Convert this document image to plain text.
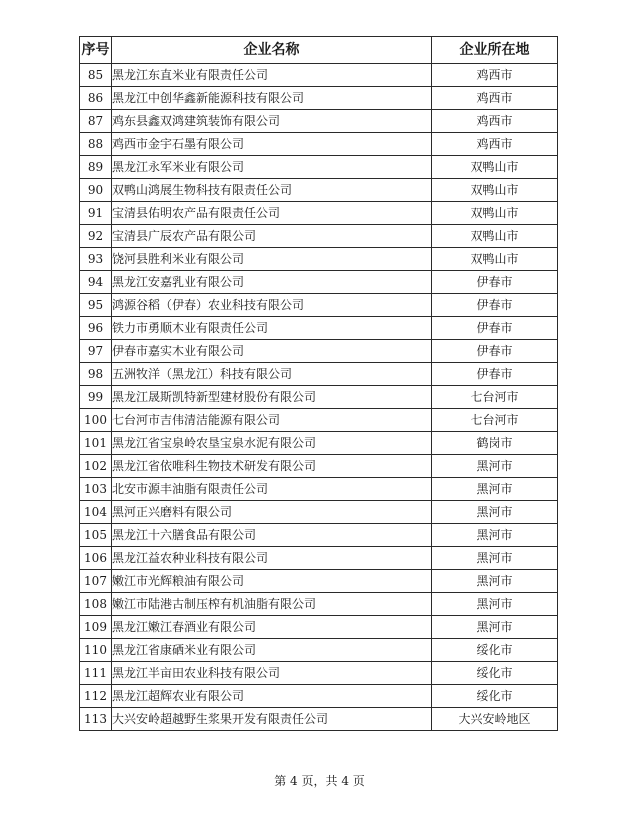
序号	企业名称	企业所在地
85	黑龙江东直米业有限责任公司	鸡西市
86	黑龙江中创华鑫新能源科技有限公司	鸡西市
87	鸡东县鑫双鸿建筑装饰有限公司	鸡西市
88	鸡西市金宇石墨有限公司	鸡西市
89	黑龙江永军米业有限公司	双鸭山市
90	双鸭山鸿展生物科技有限责任公司	双鸭山市
91	宝清县佑明农产品有限责任公司	双鸭山市
92	宝清县广辰农产品有限公司	双鸭山市
93	饶河县胜利米业有限公司	双鸭山市
94	黑龙江安嘉乳业有限公司	伊春市
95	鸿源谷稻（伊春）农业科技有限公司	伊春市
96	铁力市勇顺木业有限责任公司	伊春市
97	伊春市嘉实木业有限公司	伊春市
98	五洲牧洋（黑龙江）科技有限公司	伊春市
99	黑龙江晟斯凯特新型建材股份有限公司	七台河市
100	七台河市吉伟清洁能源有限公司	七台河市
101	黑龙江省宝泉岭农垦宝泉水泥有限公司	鹤岗市
102	黑龙江省依唯科生物技术研发有限公司	黑河市
103	北安市源丰油脂有限责任公司	黑河市
104	黑河正兴磨料有限公司	黑河市
105	黑龙江十六膳食品有限公司	黑河市
106	黑龙江益农种业科技有限公司	黑河市
107	嫩江市光辉粮油有限公司	黑河市
108	嫩江市陆港古制压榨有机油脂有限公司	黑河市
109	黑龙江嫩江春酒业有限公司	黑河市
110	黑龙江省康硒米业有限公司	绥化市
111	黑龙江半亩田农业科技有限公司	绥化市
112	黑龙江超辉农业有限公司	绥化市
113	大兴安岭超越野生浆果开发有限责任公司	大兴安岭地区
第 4 页，共 4 页
